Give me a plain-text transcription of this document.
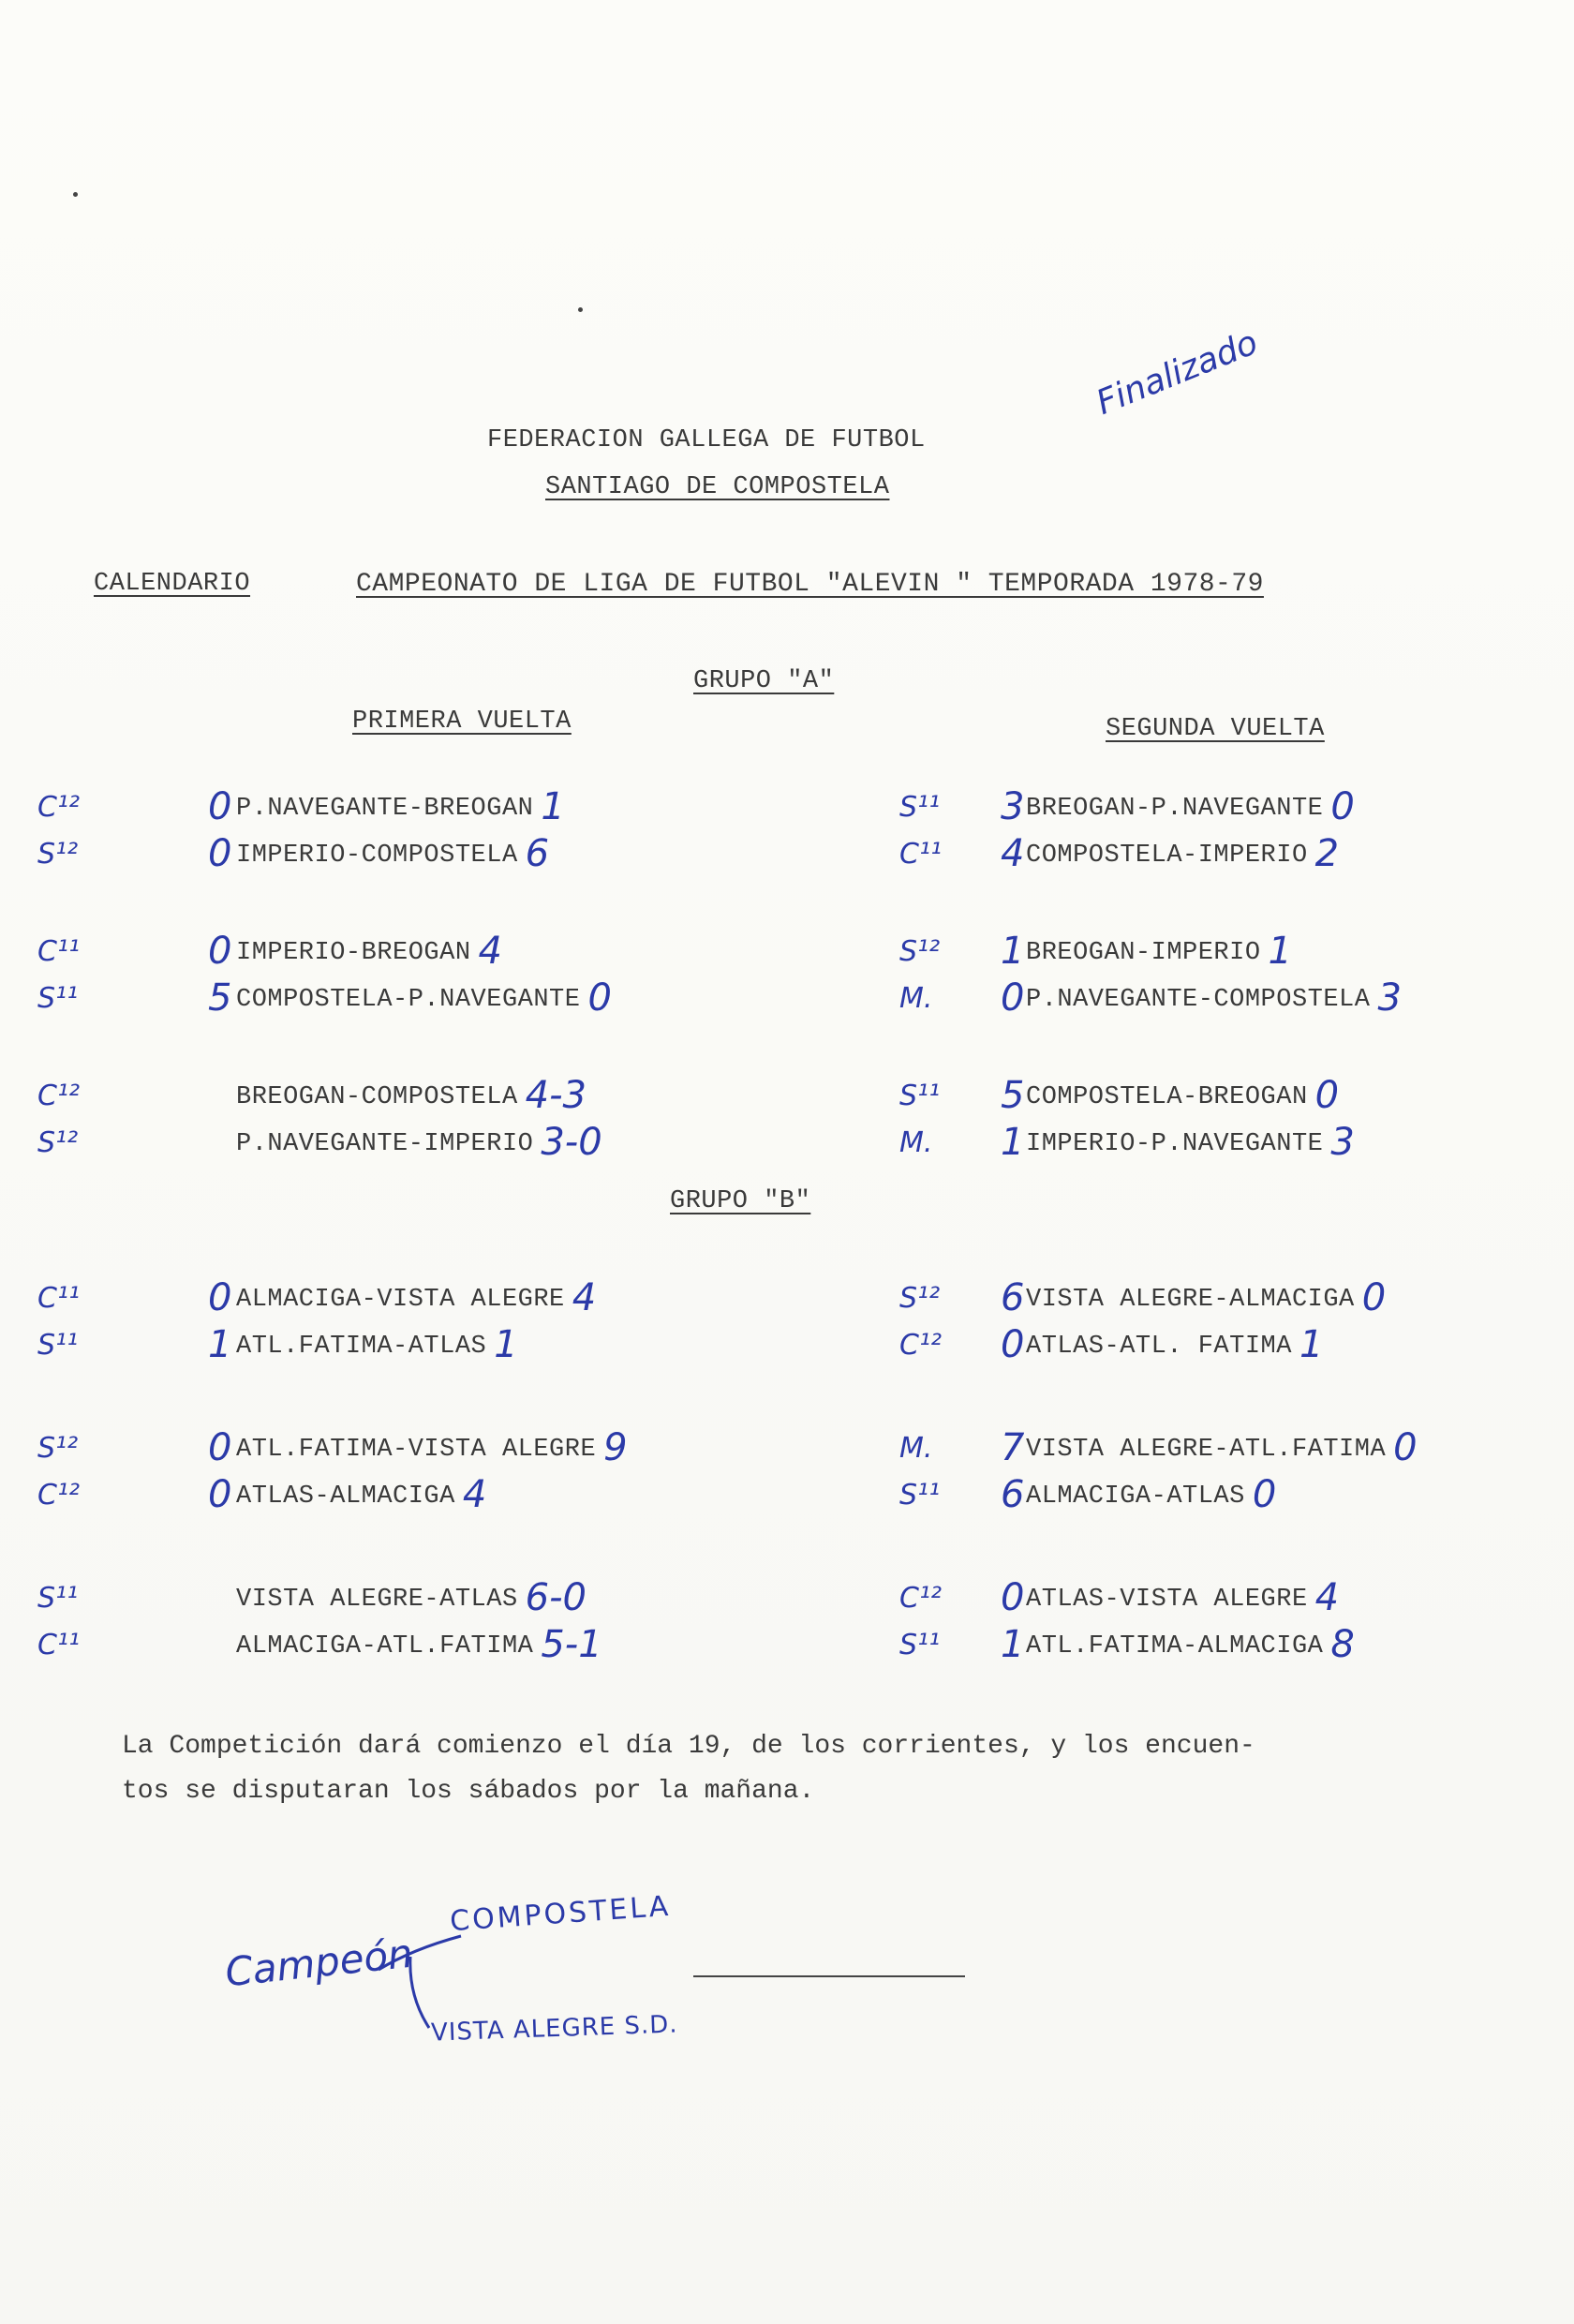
FEDERACION GALLEGA DE FUTBOL
SANTIAGO DE COMPOSTELA
Finalizado
CALENDARIO	CAMPEONATO DE LIGA DE FUTBOL "ALEVIN " TEMPORADA 1978-79
GRUPO "A"
PRIMERA VUELTA	SEGUNDA VUELTA
C¹²	0 P.NAVEGANTE-BREOGAN 1	S¹¹ 3 BREOGAN-P.NAVEGANTE 0
S¹²	0 IMPERIO-COMPOSTELA 6	C¹¹ 4 COMPOSTELA-IMPERIO 2
C¹¹	0 IMPERIO-BREOGAN 4	S¹² 1 BREOGAN-IMPERIO 1
S¹¹	5 COMPOSTELA-P.NAVEGANTE 0	M. 0 P.NAVEGANTE-COMPOSTELA 3
C¹²	BREOGAN-COMPOSTELA 4-3	S¹¹ 5 COMPOSTELA-BREOGAN 0
S¹²	P.NAVEGANTE-IMPERIO 3-0	M. 1 IMPERIO-P.NAVEGANTE 3
GRUPO "B"
C¹¹	0 ALMACIGA-VISTA ALEGRE 4	S¹² 6 VISTA ALEGRE-ALMACIGA 0
S¹¹	1 ATL.FATIMA-ATLAS 1	C¹² 0 ATLAS-ATL. FATIMA 1
S¹²	0 ATL.FATIMA-VISTA ALEGRE 9	M. 7 VISTA ALEGRE-ATL.FATIMA 0
C¹²	0 ATLAS-ALMACIGA 4	S¹¹ 6 ALMACIGA-ATLAS 0
S¹¹	VISTA ALEGRE-ATLAS 6-0	C¹² 0 ATLAS-VISTA ALEGRE 4
C¹¹	ALMACIGA-ATL.FATIMA 5-1	S¹¹ 1 ATL.FATIMA-ALMACIGA 8
La Competición dará comienzo el día 19, de los corrientes, y los encuen-
tos se disputaran los sábados por la mañana.
Campeón
COMPOSTELA
VISTA ALEGRE S.D.
